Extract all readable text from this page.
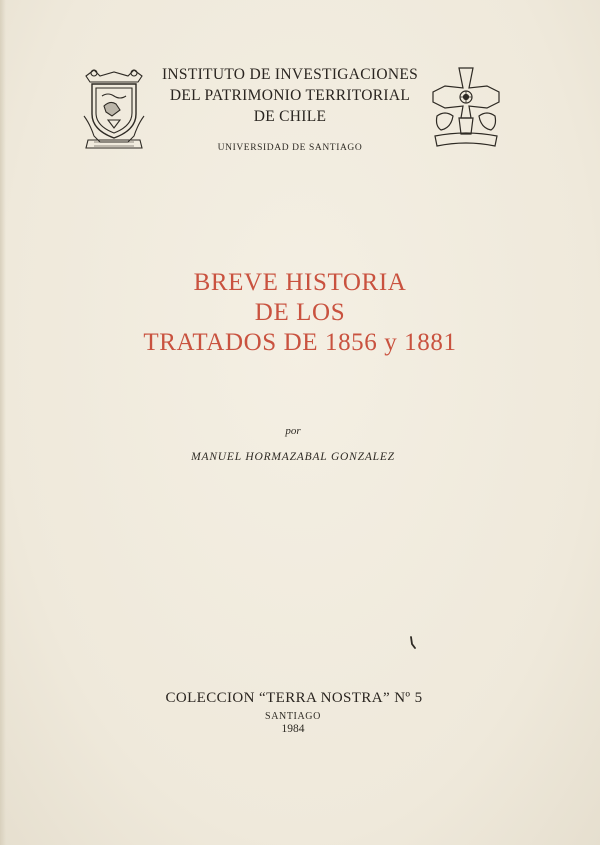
INSTITUTO DE INVESTIGACIONES
DEL PATRIMONIO TERRITORIAL
DE CHILE
UNIVERSIDAD DE SANTIAGO
BREVE HISTORIA
DE LOS
TRATADOS DE 1856 y 1881
por
MANUEL HORMAZABAL GONZALEZ
COLECCION “TERRA NOSTRA” Nº 5
SANTIAGO
1984
